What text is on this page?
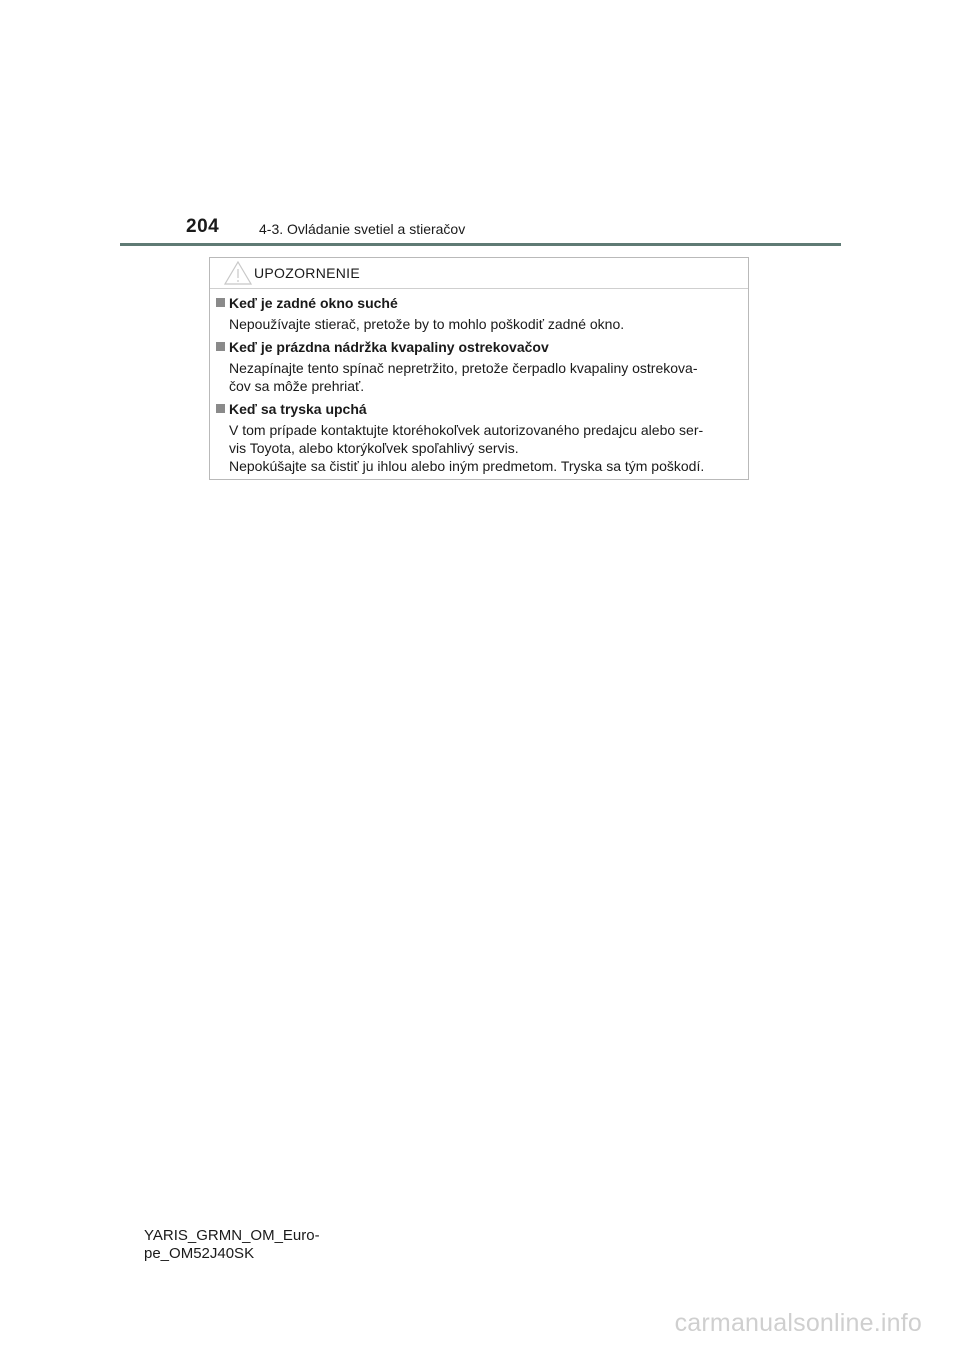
204	4-3. Ovládanie svetiel a stieračov
UPOZORNENIE
Keď je zadné okno suché
Nepoužívajte stierač, pretože by to mohlo poškodiť zadné okno.
Keď je prázdna nádržka kvapaliny ostrekovačov
Nezapínajte tento spínač nepretržito, pretože čerpadlo kvapaliny ostrekova-
čov sa môže prehriať.
Keď sa tryska upchá
V tom prípade kontaktujte ktoréhokoľvek autorizovaného predajcu alebo ser-
vis Toyota, alebo ktorýkoľvek spoľahlivý servis.
Nepokúšajte sa čistiť ju ihlou alebo iným predmetom. Tryska sa tým poškodí.
YARIS_GRMN_OM_Euro-
pe_OM52J40SK
carmanualsonline.info
